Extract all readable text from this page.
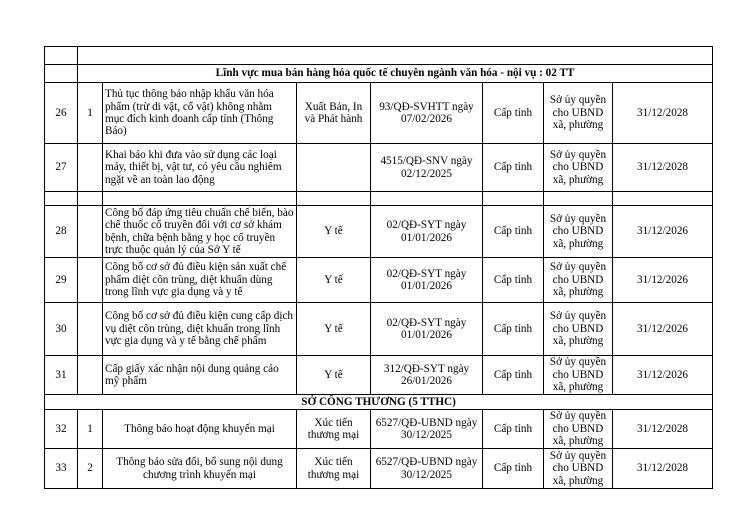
	Lĩnh vực mua bán hàng hóa quốc tế chuyên ngành văn hóa - nội vụ : 02 TT						
26	1	Thủ tục thông báo nhập khẩu văn hóa phẩm (trừ di vật, cổ vật) không nhằm mục đích kinh doanh cấp tỉnh (Thông Báo)	Xuất Bản, In và Phát hành	93/QĐ-SVHTT ngày 07/02/2026	Cấp tỉnh	Sở ủy quyền cho UBND xã, phường	31/12/2028
27		Khai báo khi đưa vào sử dụng các loại máy, thiết bị, vật tư, có yêu cầu nghiêm ngặt về an toàn lao động		4515/QĐ-SNV ngày 02/12/2025	Cấp tỉnh	Sở ủy quyền cho UBND xã, phường	31/12/2028

28		Công bố đáp ứng tiêu chuẩn chế biến, bào chế thuốc cổ truyền đối với cơ sở khám bệnh, chữa bệnh bằng y học cổ truyền trực thuộc quản lý của Sở Y tế	Y tế	02/QĐ-SYT ngày 01/01/2026	Cấp tỉnh	Sở ủy quyền cho UBND xã, phường	31/12/2026
29		Công bố cơ sở đủ điều kiện sản xuất chế phẩm diệt côn trùng, diệt khuẩn dùng trong lĩnh vực gia dụng và y tế	Y tế	02/QĐ-SYT ngày 01/01/2026	Cấp tỉnh	Sở ủy quyền cho UBND xã, phường	31/12/2026
30		Công bố cơ sở đủ điều kiện cung cấp dịch vụ diệt côn trùng, diệt khuẩn trong lĩnh vực gia dụng và y tế bằng chế phẩm	Y tế	02/QĐ-SYT ngày 01/01/2026	Cấp tỉnh	Sở ủy quyền cho UBND xã, phường	31/12/2026
31		Cấp giấy xác nhận nội dung quảng cáo mỹ phẩm	Y tế	312/QĐ-SYT ngày 26/01/2026	Cấp tỉnh	Sở ủy quyền cho UBND xã, phường	31/12/2026
SỞ CÔNG THƯƠNG (5 TTHC)							
32	1	Thông báo hoạt động khuyến mại	Xúc tiến thương mại	6527/QĐ-UBND ngày 30/12/2025	Cấp tỉnh	Sở ủy quyền cho UBND xã, phường	31/12/2028
33	2	Thông báo sửa đổi, bổ sung nội dung chương trình khuyến mại	Xúc tiến thương mại	6527/QĐ-UBND ngày 30/12/2025	Cấp tỉnh	Sở ủy quyền cho UBND xã, phường	31/12/2028
